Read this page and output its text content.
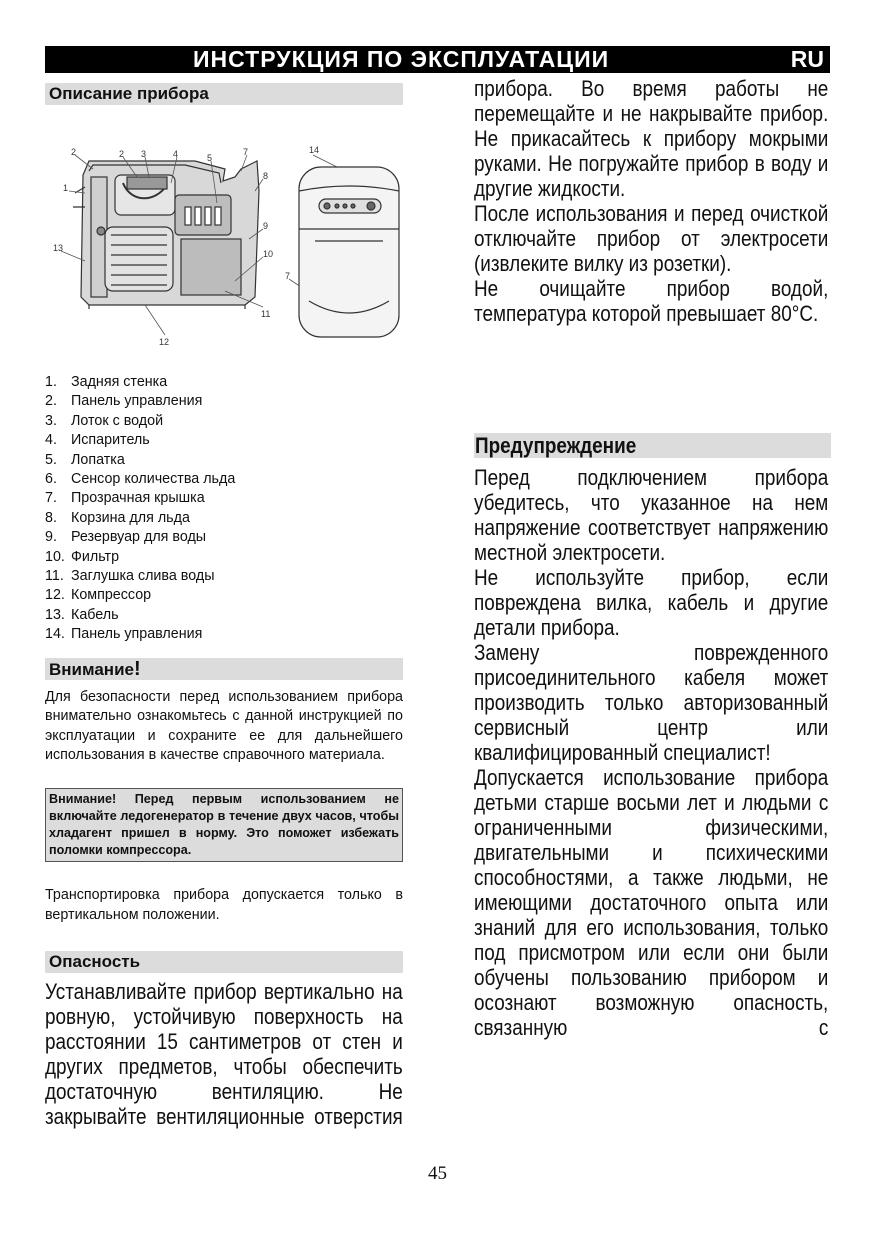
ИНСТРУКЦИЯ ПО ЭКСПЛУАТАЦИИ	RU
Описание прибора
2	2 3	4	5
7
8
9
10
11
12
13
1
14
7
1. Задняя стенка
2. Панель управления
3. Лоток с водой
4. Испаритель
5. Лопатка
6. Сенсор количества льда
7. Прозрачная крышка
8. Корзина для льда
9. Резервуар для воды
10. Фильтр
11. Заглушка слива воды
12. Компрессор
13. Кабель
14. Панель управления
Внимание!
Для безопасности перед использованием прибора внимательно ознакомьтесь с данной инструкцией по эксплуатации и сохраните ее для дальнейшего использования в качестве справочного материала.
Внимание! Перед первым использованием не включайте ледогенератор в течение двух часов, чтобы хладагент пришел в норму. Это поможет избежать поломки компрессора.
Транспортировка прибора допускается только в вертикальном положении.
Опасность

Устанавливайте прибор вертикально на ровную, устойчивую поверхность на расстоянии 15 сантиметров от стен и других предметов, чтобы обеспечить достаточную вентиляцию. Не закрывайте вентиляционные отверстия

прибора. Во время работы не перемещайте и не накрывайте прибор. Не прикасайтесь к прибору мокрыми руками. Не погружайте прибор в воду и другие жидкости.

После использования и перед очисткой отключайте прибор от электросети (извлеките вилку из розетки).

Не очищайте прибор водой, температура которой превышает 80°С.

Предупреждение

Перед подключением прибора убедитесь, что указанное на нем напряжение соответствует напряжению местной электросети.

Не используйте прибор, если повреждена вилка, кабель и другие детали прибора.

Замену поврежденного присоединительного кабеля может производить только авторизованный сервисный центр или квалифицированный специалист!

Допускается использование прибора детьми старше восьми лет и людьми с ограниченными физическими, двигательными и психическими способностями, а также людьми, не имеющими достаточного опыта или знаний для его использования, только под присмотром или если они были обучены пользованию прибором и осознают возможную опасность, связанную с

45
